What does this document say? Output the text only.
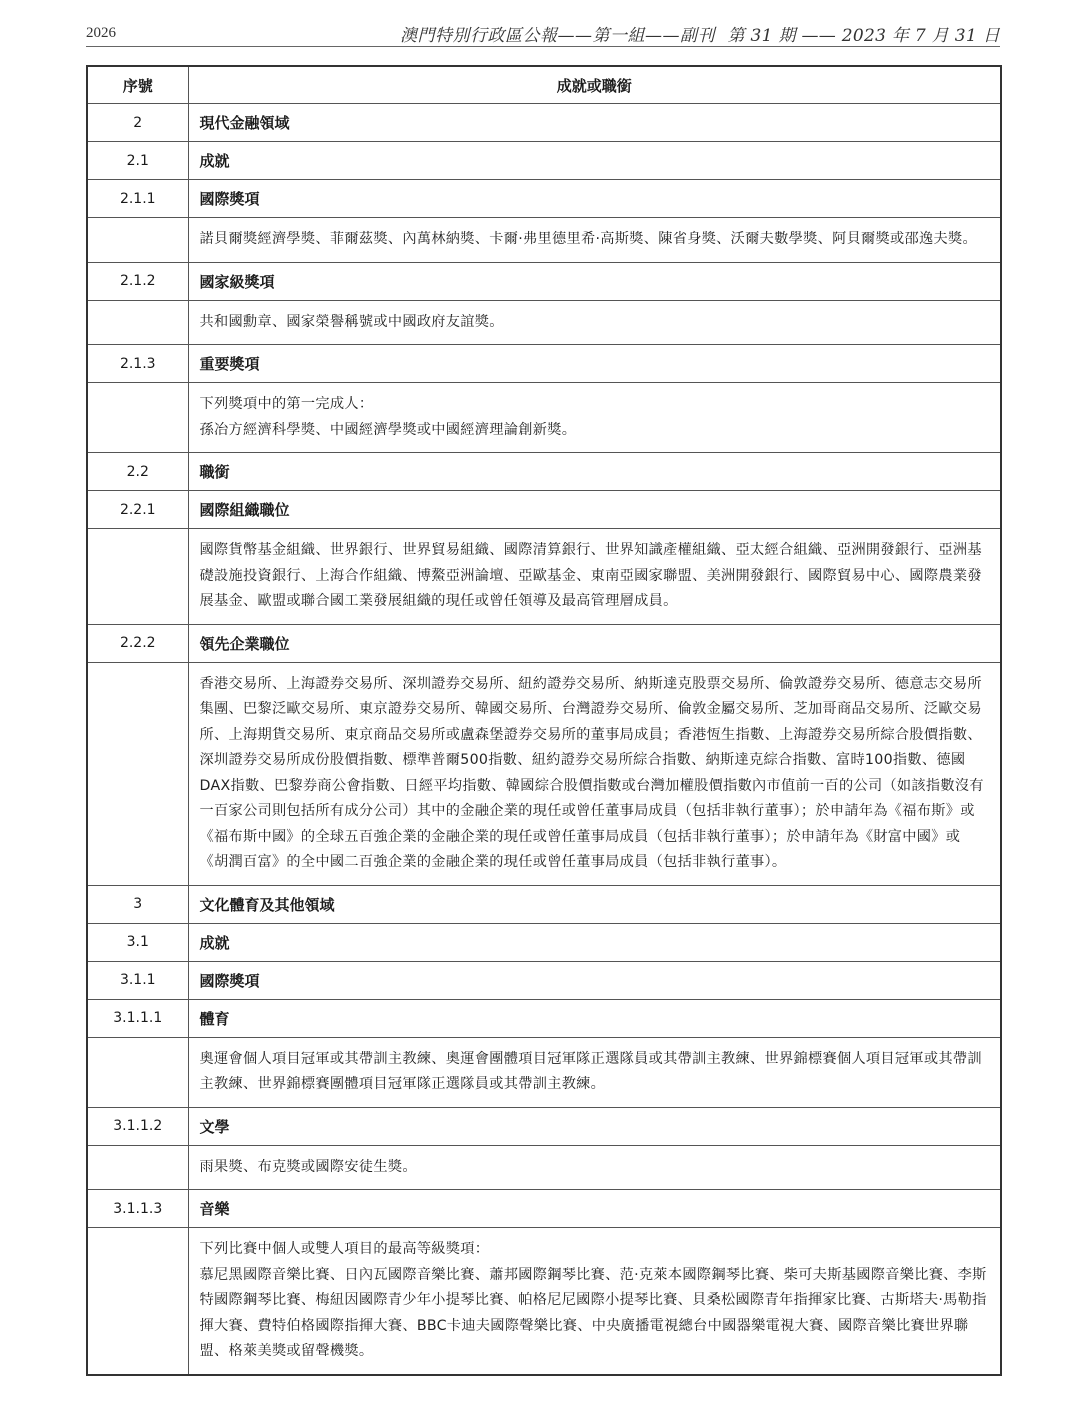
2026	澳門特別行政區公報——第一組——副刊 第 31 期 —— 2023 年 7 月 31 日
序號	成就或職銜
2	現代金融領域
2.1	成就
2.1.1	國際獎項
	諾貝爾獎經濟學獎、菲爾茲獎、內萬林納獎、卡爾·弗里德里希·高斯獎、陳省身獎、沃爾夫數學獎、阿貝爾獎或邵逸夫獎。
2.1.2	國家級獎項
	共和國勳章、國家榮譽稱號或中國政府友誼獎。
2.1.3	重要獎項

	下列獎項中的第一完成人：
孫冶方經濟科學獎、中國經濟學獎或中國經濟理論創新獎。

2.2	職銜
2.2.1	國際組織職位
	國際貨幣基金組織、世界銀行、世界貿易組織、國際清算銀行、世界知識產權組織、亞太經合組織、亞洲開發銀行、亞洲基礎設施投資銀行、上海合作組織、博鰲亞洲論壇、亞歐基金、東南亞國家聯盟、美洲開發銀行、國際貿易中心、國際農業發展基金、歐盟或聯合國工業發展組織的現任或曾任領導及最高管理層成員。
2.2.2	領先企業職位
	香港交易所、上海證券交易所、深圳證券交易所、紐約證券交易所、納斯達克股票交易所、倫敦證券交易所、德意志交易所集團、巴黎泛歐交易所、東京證券交易所、韓國交易所、台灣證券交易所、倫敦金屬交易所、芝加哥商品交易所、泛歐交易所、上海期貨交易所、東京商品交易所或盧森堡證券交易所的董事局成員；香港恆生指數、上海證券交易所綜合股價指數、深圳證券交易所成份股價指數、標準普爾500指數、紐約證券交易所綜合指數、納斯達克綜合指數、富時100指數、德國DAX指數、巴黎券商公會指數、日經平均指數、韓國綜合股價指數或台灣加權股價指數內市值前一百的公司（如該指數沒有一百家公司則包括所有成分公司）其中的金融企業的現任或曾任董事局成員（包括非執行董事）；於申請年為《福布斯》或《福布斯中國》的全球五百強企業的金融企業的現任或曾任董事局成員（包括非執行董事）；於申請年為《財富中國》或《胡潤百富》的全中國二百強企業的金融企業的現任或曾任董事局成員（包括非執行董事）。
3	文化體育及其他領域
3.1	成就
3.1.1	國際獎項
3.1.1.1	體育
	奧運會個人項目冠軍或其帶訓主教練、奧運會團體項目冠軍隊正選隊員或其帶訓主教練、世界錦標賽個人項目冠軍或其帶訓主教練、世界錦標賽團體項目冠軍隊正選隊員或其帶訓主教練。
3.1.1.2	文學
	雨果獎、布克獎或國際安徒生獎。
3.1.1.3	音樂

	下列比賽中個人或雙人項目的最高等級獎項：
慕尼黑國際音樂比賽、日內瓦國際音樂比賽、蕭邦國際鋼琴比賽、范·克萊本國際鋼琴比賽、柴可夫斯基國際音樂比賽、李斯特國際鋼琴比賽、梅紐因國際青少年小提琴比賽、帕格尼尼國際小提琴比賽、貝桑松國際青年指揮家比賽、古斯塔夫·馬勒指揮大賽、費特伯格國際指揮大賽、BBC卡迪夫國際聲樂比賽、中央廣播電視總台中國器樂電視大賽、國際音樂比賽世界聯盟、格萊美獎或留聲機獎。
